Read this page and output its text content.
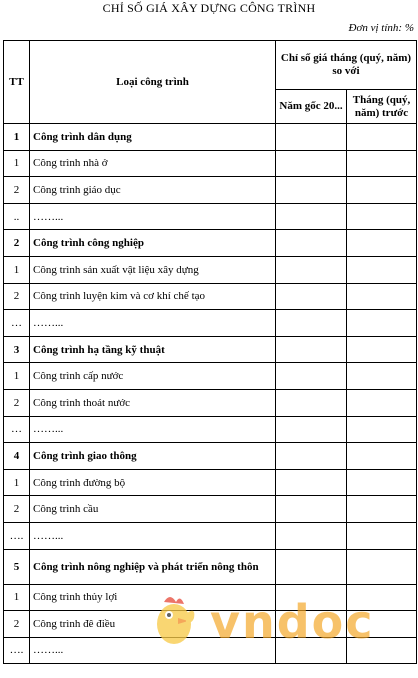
CHỈ SỐ GIÁ XÂY DỰNG CÔNG TRÌNH
Đơn vị tính: %
TT	Loại công trình	Chỉ số giá tháng (quý, năm) so với	
		Năm gốc 20...	Tháng (quý, năm) trước
1	Công trình dân dụng		
1	Công trình nhà ở		
2	Công trình giáo dục		
..	……...		
2	Công trình công nghiệp		
1	Công trình sản xuất vật liệu xây dựng		
2	Công trình luyện kim và cơ khí chế tạo		
…	……...		
3	Công trình hạ tầng kỹ thuật		
1	Công trình cấp nước		
2	Công trình thoát nước		
…	……...		
4	Công trình giao thông		
1	Công trình đường bộ		
2	Công trình cầu		
….	……...		
5	Công trình nông nghiệp và phát triển nông thôn		
1	Công trình thủy lợi		
2	Công trình đê điều		
….	……...		
vndoc
